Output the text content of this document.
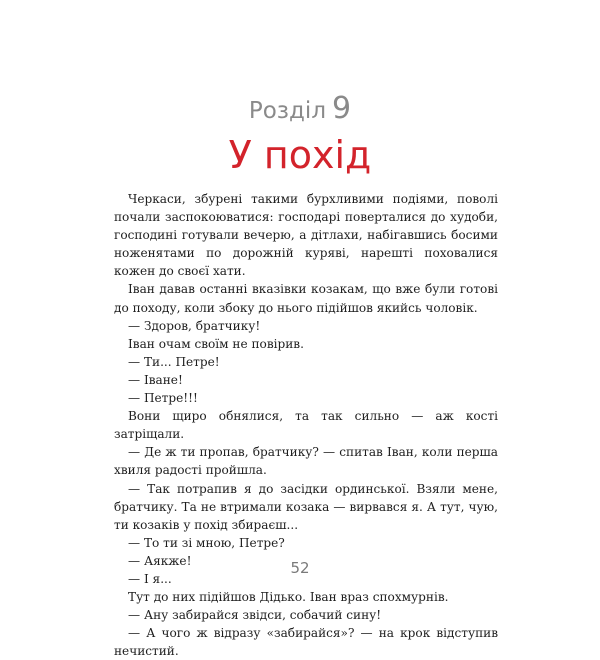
Розділ 9
У похід

Черкаси, збурені такими бурхливими подіями, поволі почали заспокоюватися: господарі поверталися до худоби, господині готували вечерю, а дітлахи, набігавшись босими ноженятами по дорожній куряві, нарешті поховалися кожен до своєї хати.

Іван давав останні вказівки козакам, що вже були готові до походу, коли збоку до нього підійшов якийсь чоловік.

— Здоров, братчику!

Іван очам своїм не повірив.

— Ти... Петре!

— Іване!

— Петре!!!

Вони щиро обнялися, та так сильно — аж кості затріщали.

— Де ж ти пропав, братчику? — спитав Іван, коли перша хвиля радості пройшла.

— Так потрапив я до засідки ординської. Взяли мене, братчику. Та не втримали козака — вирвався я. А тут, чую, ти козаків у похід збираєш...

— То ти зі мною, Петре?

— Аякже!

— І я...

Тут до них підійшов Дідько. Іван враз спохмурнів.

— Ану забирайся звідси, собачий сину!

— А чого ж відразу «забирайся»? — на крок відступив нечистий.

52
